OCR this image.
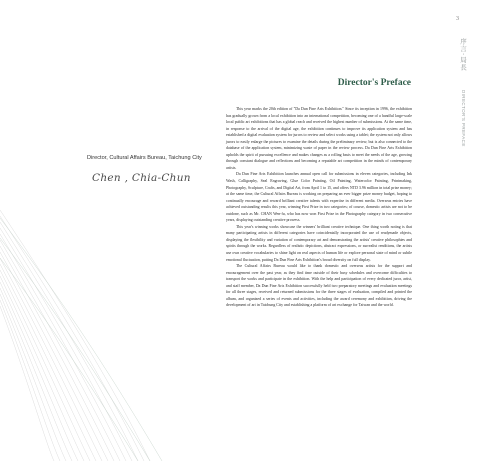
3
序言·局長
DIRECTOR'S PREFACE
Director's Preface
Director, Cultural Affairs Bureau, Taichung City
Chen , Chia-Chun

This year marks the 20th edition of "Da Dun Fine Arts Exhibition." Since its inception in 1996, the exhibition has gradually grown from a local exhibition into an international competition, becoming one of a handful large-scale local public art exhibitions that has a global reach and received the highest number of submissions. At the same time, in response to the arrival of the digital age, the exhibition continues to improve its application system and has established a digital evaluation system for jurors to review and select works using a tablet; the system not only allows jurors to easily enlarge the pictures to examine the details during the preliminary review, but is also connected to the database of the application system, minimizing waste of paper in the review process. Da Dun Fine Arts Exhibition upholds the spirit of pursuing excellence and makes changes as a rolling basis to meet the needs of the age, growing through constant dialogue and reflections and becoming a reputable art competition in the minds of contemporary artists.

Da Dun Fine Arts Exhibition launches annual open call for submissions in eleven categories, including Ink Wash, Calligraphy, Seal Engraving, Glue Color Painting, Oil Painting, Watercolor Painting, Printmaking, Photography, Sculpture, Crafts, and Digital Art, from April 1 to 15, and offers NTD 3.96 million in total prize money; at the same time, the Cultural Affairs Bureau is working on preparing an ever bigger prize money budget, hoping to continually encourage and reward brilliant creative talents with expertise in different media. Overseas entries have achieved outstanding results this year, winning First Prize in two categories; of course, domestic artists are not to be outdone, such as Mr. CHAN Wen-fu, who has now won First Prize in the Photography category in two consecutive years, displaying outstanding creative prowess.

This year's winning works showcase the winners' brilliant creative technique. One thing worth noting is that many participating artists in different categories have coincidentally incorporated the use of readymade objects, displaying the flexibility and variation of contemporary art and demonstrating the artists' creative philosophies and spirits through the works. Regardless of realistic depictions, abstract expressions, or surrealist renditions, the artists use own creative vocabularies to shine light on real aspects of human life or explore personal state of mind or subtle emotional fluctuation, putting Da Dun Fine Arts Exhibition's broad diversity on full display.

The Cultural Affairs Bureau would like to thank domestic and overseas artists for the support and encouragement over the past year, as they find time outside of their busy schedules and overcome difficulties to transport the works and participate in the exhibition. With the help and participation of every dedicated juror, artist, and staff member, Da Dun Fine Arts Exhibition successfully held two preparatory meetings and evaluation meetings for all three stages, received and returned submissions for the three stages of evaluation, compiled and printed the album, and organized a series of events and activities, including the award ceremony and exhibition, driving the development of art in Taichung City and establishing a platform of art exchange for Taiwan and the world.
